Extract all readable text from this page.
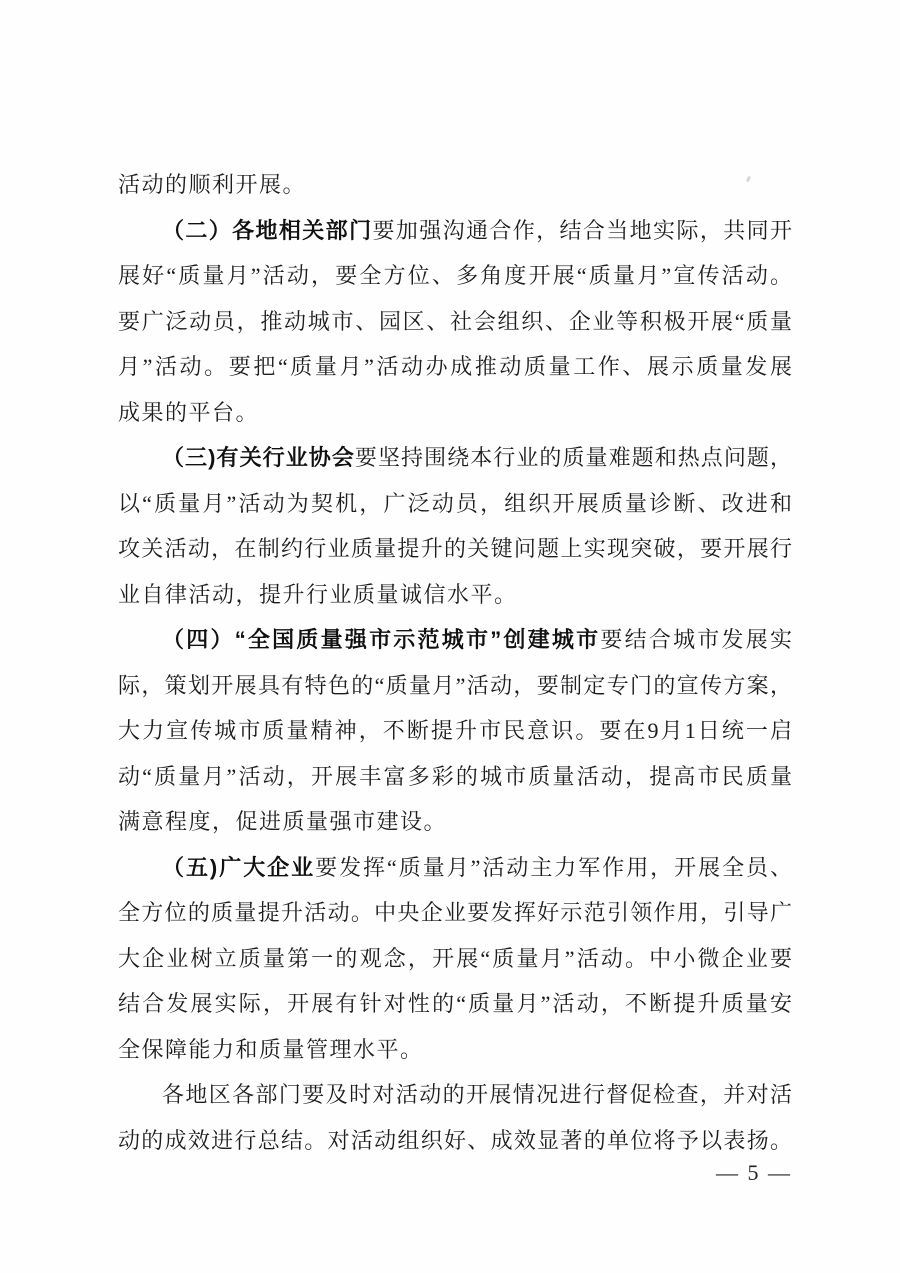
活动的顺利开展。
（二）各地相关部门要加强沟通合作，结合当地实际，共同开
展好“质量月”活动，要全方位、多角度开展“质量月”宣传活动。
要广泛动员，推动城市、园区、社会组织、企业等积极开展“质量
月”活动。要把“质量月”活动办成推动质量工作、展示质量发展
成果的平台。
（三)有关行业协会要坚持围绕本行业的质量难题和热点问题，
以“质量月”活动为契机，广泛动员，组织开展质量诊断、改进和
攻关活动，在制约行业质量提升的关键问题上实现突破，要开展行
业自律活动，提升行业质量诚信水平。
（四）“全国质量强市示范城市”创建城市要结合城市发展实
际，策划开展具有特色的“质量月”活动，要制定专门的宣传方案，
大力宣传城市质量精神，不断提升市民意识。要在9月1日统一启
动“质量月”活动，开展丰富多彩的城市质量活动，提高市民质量
满意程度，促进质量强市建设。
（五)广大企业要发挥“质量月”活动主力军作用，开展全员、
全方位的质量提升活动。中央企业要发挥好示范引领作用，引导广
大企业树立质量第一的观念，开展“质量月”活动。中小微企业要
结合发展实际，开展有针对性的“质量月”活动，不断提升质量安
全保障能力和质量管理水平。
各地区各部门要及时对活动的开展情况进行督促检查，并对活
动的成效进行总结。对活动组织好、成效显著的单位将予以表扬。
— 5 —
